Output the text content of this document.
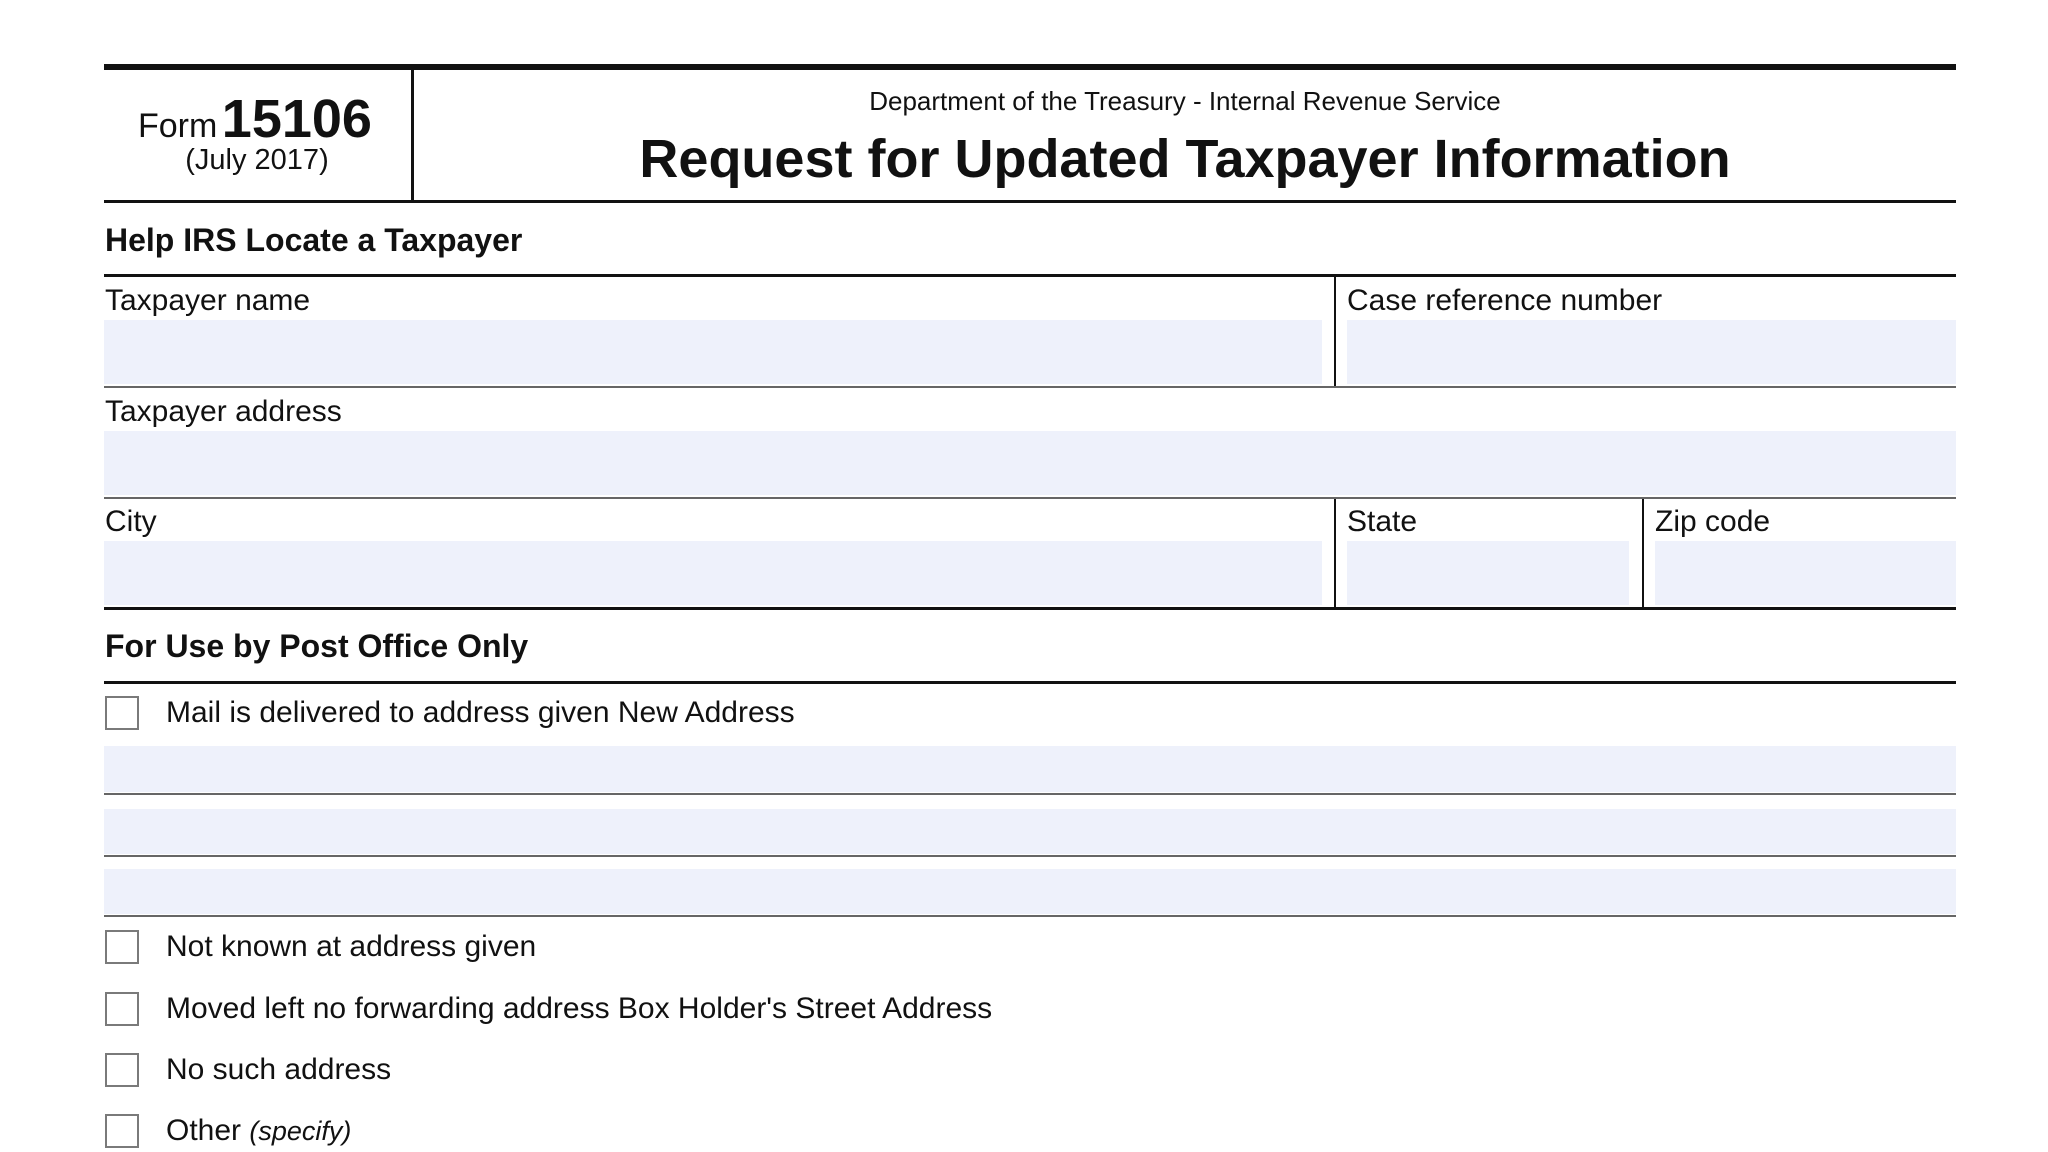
Form 15106
(July 2017)
Department of the Treasury - Internal Revenue Service
Request for Updated Taxpayer Information
Help IRS Locate a Taxpayer
Taxpayer name	Case reference number
Taxpayer address
City	State	Zip code
For Use by Post Office Only
Mail is delivered to address given New Address
Not known at address given
Moved left no forwarding address Box Holder's Street Address
No such address
Other (specify)
